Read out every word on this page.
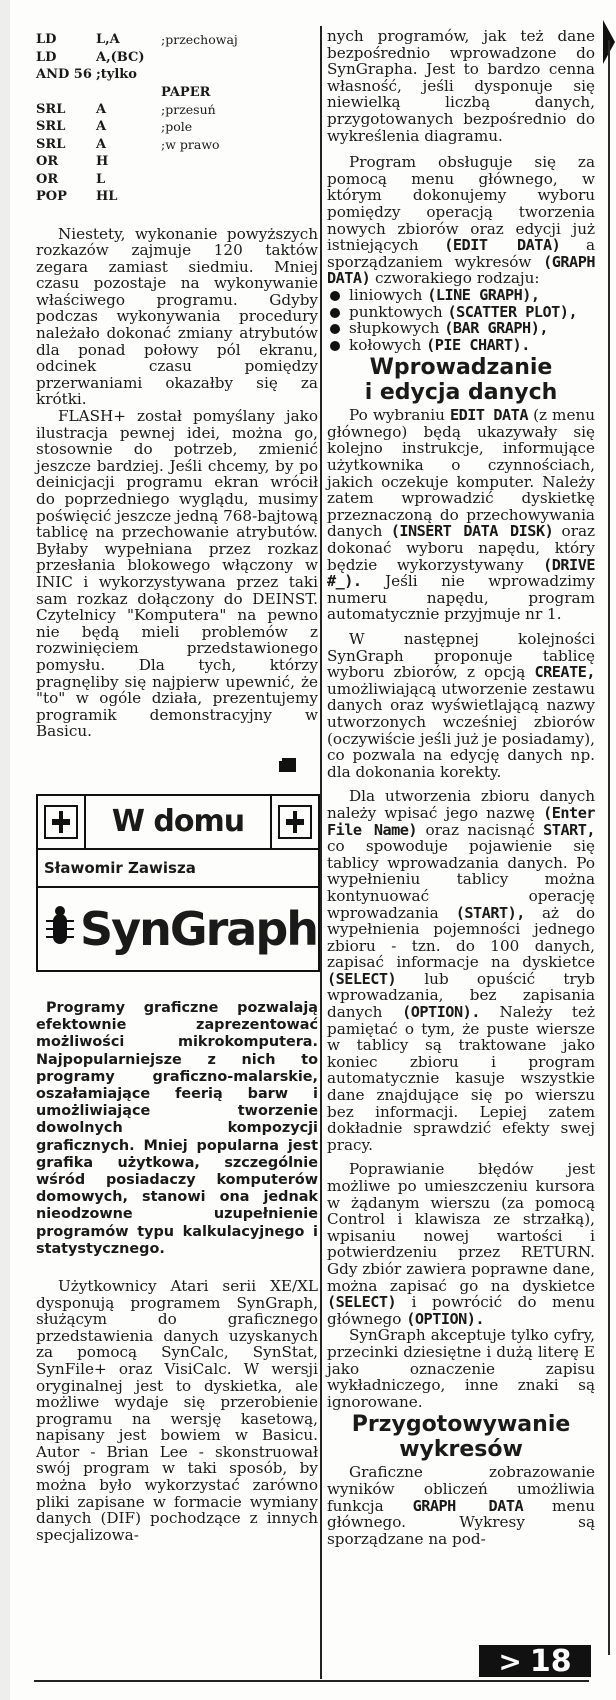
LD	L,A	;przechowaj
LD	A,(BC)	
AND 56	;tylko	
PAPER
SRL	A	;przesuń
SRL	A	;pole
SRL	A	;w prawo
OR	H	
OR	L	
POP	HL	

Niestety, wykonanie powyższych rozkazów zajmuje 120 taktów zegara zamiast siedmiu. Mniej czasu pozostaje na wykonywanie właściwego programu. Gdyby podczas wykonywania procedury należało dokonać zmiany atrybutów dla ponad połowy pól ekranu, odcinek czasu pomiędzy przerwaniami okazałby się za krótki.

FLASH+ został pomyślany jako ilustracja pewnej idei, można go, stosownie do potrzeb, zmienić jeszcze bardziej. Jeśli chcemy, by po deinicjacji programu ekran wrócił do poprzedniego wyglądu, musimy poświęcić jeszcze jedną 768-bajtową tablicę na przechowanie atrybutów. Byłaby wypełniana przez rozkaz przesłania blokowego włączony w INIC i wykorzystywana przez taki sam rozkaz dołączony do DEINST. Czytelnicy "Komputera" na pewno nie będą mieli problemów z rozwinięciem przedstawionego pomysłu. Dla tych, którzy pragnęliby się najpierw upewnić, że "to" w ogóle działa, prezentujemy programik demonstracyjny w Basicu.

W domu
Sławomir Zawisza
SynGraph

Programy graficzne pozwalają efektownie zaprezentować możliwości mikrokomputera. Najpopularniejsze z nich to programy graficzno-malarskie, oszałamiające feerią barw i umożliwiające tworzenie dowolnych kompozycji graficznych. Mniej popularna jest grafika użytkowa, szczególnie wśród posiadaczy komputerów domowych, stanowi ona jednak nieodzowne uzupełnienie programów typu kalkulacyjnego i statystycznego.

Użytkownicy Atari serii XE/XL dysponują programem SynGraph, służącym do graficznego przedstawienia danych uzyskanych za pomocą SynCalc, SynStat, SynFile+ oraz VisiCalc. W wersji oryginalnej jest to dyskietka, ale możliwe wydaje się przerobienie programu na wersję kasetową, napisany jest bowiem w Basicu. Autor - Brian Lee - skonstruował swój program w taki sposób, by można było wykorzystać zarówno pliki zapisane w formacie wymiany danych (DIF) pochodzące z innych specjalizowa-

nych programów, jak też dane bezpośrednio wprowadzone do SynGrapha. Jest to bardzo cenna własność, jeśli dysponuje się niewielką liczbą danych, przygotowanych bezpośrednio do wykreślenia diagramu.

Program obsługuje się za pomocą menu głównego, w którym dokonujemy wyboru pomiędzy operacją tworzenia nowych zbiorów oraz edycji już istniejących (EDIT DATA) a sporządzaniem wykresów (GRAPH DATA) czworakiego rodzaju:

liniowych (LINE GRAPH),
punktowych (SCATTER PLOT),
słupkowych (BAR GRAPH),
kołowych (PIE CHART).
Wprowadzanie
i edycja danych

Po wybraniu EDIT DATA (z menu głównego) będą ukazywały się kolejno instrukcje, informujące użytkownika o czynnościach, jakich oczekuje komputer. Należy zatem wprowadzić dyskietkę przeznaczoną do przechowywania danych (INSERT DATA DISK) oraz dokonać wyboru napędu, który będzie wykorzystywany (DRIVE #_). Jeśli nie wprowadzimy numeru napędu, program automatycznie przyjmuje nr 1.

W następnej kolejności SynGraph proponuje tablicę wyboru zbiorów, z opcją CREATE, umożliwiającą utworzenie zestawu danych oraz wyświetlającą nazwy utworzonych wcześniej zbiorów (oczywiście jeśli już je posiadamy), co pozwala na edycję danych np. dla dokonania korekty.

Dla utworzenia zbioru danych należy wpisać jego nazwę (Enter File Name) oraz nacisnąć START, co spowoduje pojawienie się tablicy wprowadzania danych. Po wypełnieniu tablicy można kontynuować operację wprowadzania (START), aż do wypełnienia pojemności jednego zbioru - tzn. do 100 danych, zapisać informacje na dyskietce (SELECT) lub opuścić tryb wprowadzania, bez zapisania danych (OPTION). Należy też pamiętać o tym, że puste wiersze w tablicy są traktowane jako koniec zbioru i program automatycznie kasuje wszystkie dane znajdujące się po wierszu bez informacji. Lepiej zatem dokładnie sprawdzić efekty swej pracy.

Poprawianie błędów jest możliwe po umieszczeniu kursora w żądanym wierszu (za pomocą Control i klawisza ze strzałką), wpisaniu nowej wartości i potwierdzeniu przez RETURN. Gdy zbiór zawiera poprawne dane, można zapisać go na dyskietce (SELECT) i powrócić do menu głównego (OPTION).

SynGraph akceptuje tylko cyfry, przecinki dziesiętne i dużą literę E jako oznaczenie zapisu wykładniczego, inne znaki są ignorowane.

Przygotowywanie
wykresów

Graficzne zobrazowanie wyników obliczeń umożliwia funkcja GRAPH DATA menu głównego. Wykresy są sporządzane na pod-

> 18
